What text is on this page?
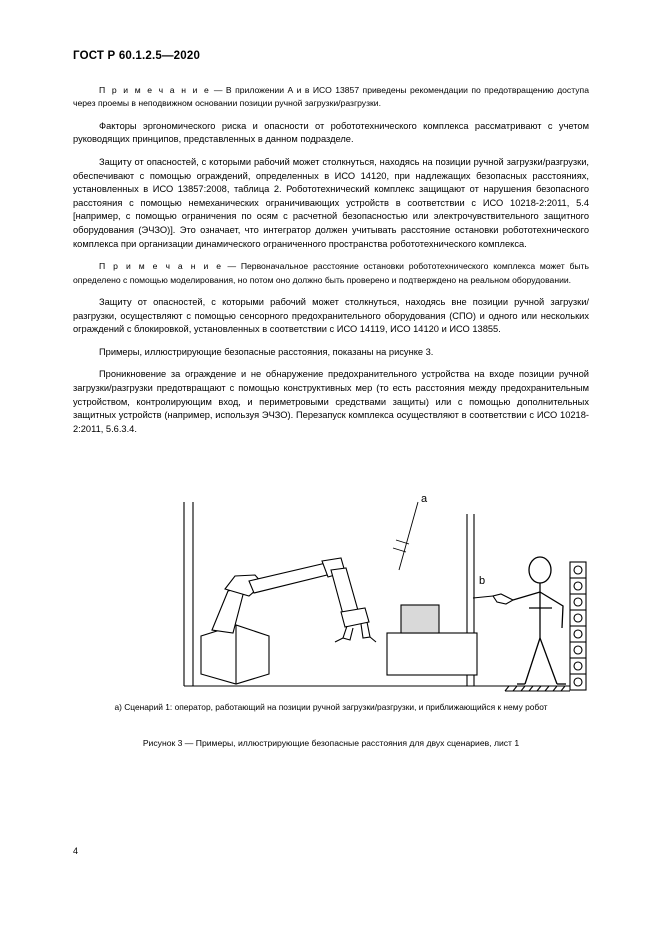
ГОСТ Р 60.1.2.5—2020

П р и м е ч а н и е — В приложении А и в ИСО 13857 приведены рекомендации по предотвращению доступа через проемы в неподвижном основании позиции ручной загрузки/разгрузки.

Факторы эргономического риска и опасности от робототехнического комплекса рассматривают с учетом руководящих принципов, представленных в данном подразделе.

Защиту от опасностей, с которыми рабочий может столкнуться, находясь на позиции ручной загрузки/разгрузки, обеспечивают с помощью ограждений, определенных в ИСО 14120, при надлежащих безопасных расстояниях, установленных в ИСО 13857:2008, таблица 2. Робототехнический комплекс защищают от нарушения безопасного расстояния с помощью немеханических ограничивающих устройств в соответствии с ИСО 10218-2:2011, 5.4 [например, с помощью ограничения по осям с расчетной безопасностью или электрочувствительного защитного оборудования (ЭЧЗО)]. Это означает, что интегратор должен учитывать расстояние остановки робототехнического комплекса при организации динамического ограниченного пространства робототехнического комплекса.

П р и м е ч а н и е — Первоначальное расстояние остановки робототехнического комплекса может быть определено с помощью моделирования, но потом оно должно быть проверено и подтверждено на реальном оборудовании.

Защиту от опасностей, с которыми рабочий может столкнуться, находясь вне позиции ручной загрузки/разгрузки, осуществляют с помощью сенсорного предохранительного оборудования (СПО) и одного или нескольких ограждений с блокировкой, установленных в соответствии с ИСО 14119, ИСО 14120 и ИСО 13855.

Примеры, иллюстрирующие безопасные расстояния, показаны на рисунке 3.

Проникновение за ограждение и не обнаружение предохранительного устройства на входе позиции ручной загрузки/разгрузки предотвращают с помощью конструктивных мер (то есть расстояния между предохранительным устройством, контролирующим вход, и периметровыми средствами защиты) или с помощью дополнительных защитных устройств (например, используя ЭЧЗО). Перезапуск комплекса осуществляют в соответствии с ИСО 10218-2:2011, 5.6.3.4.

a
b
a) Сценарий 1: оператор, работающий на позиции ручной загрузки/разгрузки, и приближающийся к нему робот
Рисунок 3 — Примеры, иллюстрирующие безопасные расстояния для двух сценариев, лист 1
4
